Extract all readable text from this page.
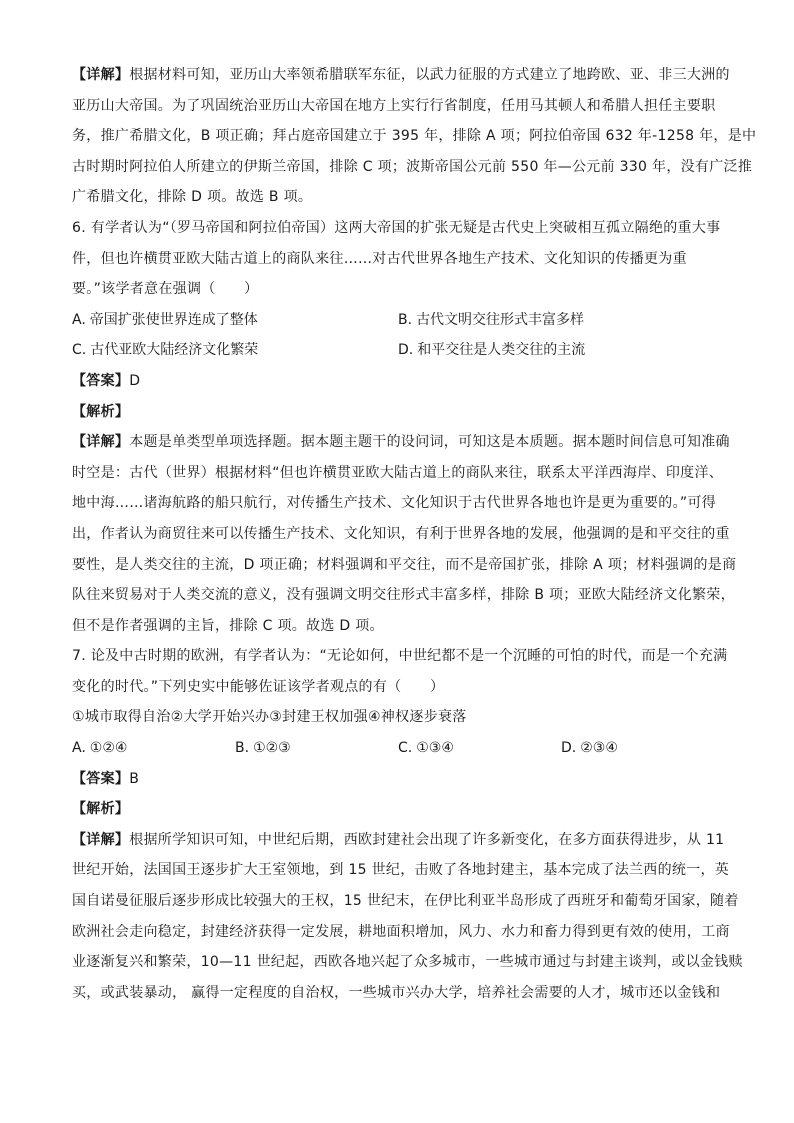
【详解】根据材料可知，亚历山大率领希腊联军东征，以武力征服的方式建立了地跨欧、亚、非三大洲的
亚历山大帝国。为了巩固统治亚历山大帝国在地方上实行行省制度，任用马其顿人和希腊人担任主要职
务，推广希腊文化，B 项正确；拜占庭帝国建立于 395 年，排除 A 项；阿拉伯帝国 632 年-1258 年，是中
古时期时阿拉伯人所建立的伊斯兰帝国，排除 C 项；波斯帝国公元前 550 年—公元前 330 年，没有广泛推
广希腊文化，排除 D 项。故选 B 项。
6. 有学者认为“（罗马帝国和阿拉伯帝国）这两大帝国的扩张无疑是古代史上突破相互孤立隔绝的重大事
件，但也许横贯亚欧大陆古道上的商队来往……对古代世界各地生产技术、文化知识的传播更为重
要。”该学者意在强调（　　）
A. 帝国扩张使世界连成了整体	B. 古代文明交往形式丰富多样
C. 古代亚欧大陆经济文化繁荣	D. 和平交往是人类交往的主流
【答案】D
【解析】
【详解】本题是单类型单项选择题。据本题主题干的设问词，可知这是本质题。据本题时间信息可知准确
时空是：古代（世界）根据材料“但也许横贯亚欧大陆古道上的商队来往，联系太平洋西海岸、印度洋、
地中海……诸海航路的船只航行，对传播生产技术、文化知识于古代世界各地也许是更为重要的。”可得
出，作者认为商贸往来可以传播生产技术、文化知识，有利于世界各地的发展，他强调的是和平交往的重
要性，是人类交往的主流，D 项正确；材料强调和平交往，而不是帝国扩张，排除 A 项；材料强调的是商
队往来贸易对于人类交流的意义，没有强调文明交往形式丰富多样，排除 B 项；亚欧大陆经济文化繁荣，
但不是作者强调的主旨，排除 C 项。故选 D 项。
7. 论及中古时期的欧洲，有学者认为：“无论如何，中世纪都不是一个沉睡的可怕的时代，而是一个充满
变化的时代。”下列史实中能够佐证该学者观点的有（　　）
①城市取得自治②大学开始兴办③封建王权加强④神权逐步衰落
A. ①②④	B. ①②③	C. ①③④	D. ②③④
【答案】B
【解析】
【详解】根据所学知识可知，中世纪后期，西欧封建社会出现了许多新变化，在多方面获得进步，从 11
世纪开始，法国国王逐步扩大王室领地，到 15 世纪，击败了各地封建主，基本完成了法兰西的统一，英
国自诺曼征服后逐步形成比较强大的王权，15 世纪末，在伊比利亚半岛形成了西班牙和葡萄牙国家，随着
欧洲社会走向稳定，封建经济获得一定发展，耕地面积增加，风力、水力和畜力得到更有效的使用，工商
业逐渐复兴和繁荣，10—11 世纪起，西欧各地兴起了众多城市，一些城市通过与封建主谈判，或以金钱赎
买，或武装暴动， 赢得一定程度的自治权，一些城市兴办大学，培养社会需要的人才，城市还以金钱和
